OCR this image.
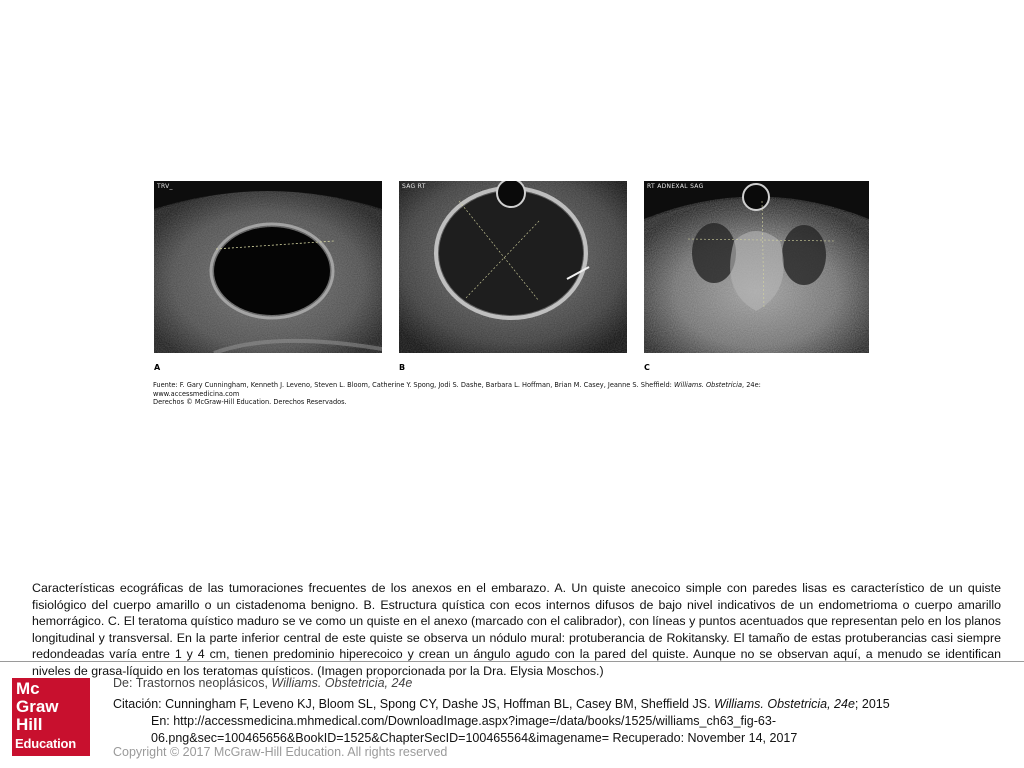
TRV_	SAG RT	RT ADNEXAL SAG
A	B	C
Fuente: F. Gary Cunningham, Kenneth J. Leveno, Steven L. Bloom, Catherine Y. Spong, Jodi S. Dashe, Barbara L. Hoffman, Brian M. Casey, Jeanne S. Sheffield: Williams. Obstetricia, 24e:
www.accessmedicina.com
Derechos © McGraw-Hill Education. Derechos Reservados.

Características ecográficas de las tumoraciones frecuentes de los anexos en el embarazo. A. Un quiste anecoico simple con paredes lisas es característico de un quiste fisiológico del cuerpo amarillo o un cistadenoma benigno. B. Estructura quística con ecos internos difusos de bajo nivel indicativos de un endometrioma o cuerpo amarillo hemorrágico. C. El teratoma quístico maduro se ve como un quiste en el anexo (marcado con el calibrador), con líneas y puntos acentuados que representan pelo en los planos longitudinal y transversal. En la parte inferior central de este quiste se observa un nódulo mural: protuberancia de Rokitansky. El tamaño de estas protuberancias casi siempre redondeadas varía entre 1 y 4 cm, tienen predominio hiperecoico y crean un ángulo agudo con la pared del quiste. Aunque no se observan aquí, a menudo se identifican niveles de grasa-líquido en los teratomas quísticos. (Imagen proporcionada por la Dra. Elysia Moschos.)

Mc
Graw
Hill
Education
De: Trastornos neoplásicos, Williams. Obstetricia, 24e
Citación: Cunningham F, Leveno KJ, Bloom SL, Spong CY, Dashe JS, Hoffman BL, Casey BM, Sheffield JS. Williams. Obstetricia, 24e; 2015
En: http://accessmedicina.mhmedical.com/DownloadImage.aspx?image=/data/books/1525/williams_ch63_fig-63-
06.png&sec=100465656&BookID=1525&ChapterSecID=100465564&imagename= Recuperado: November 14, 2017
Copyright © 2017 McGraw-Hill Education. All rights reserved
